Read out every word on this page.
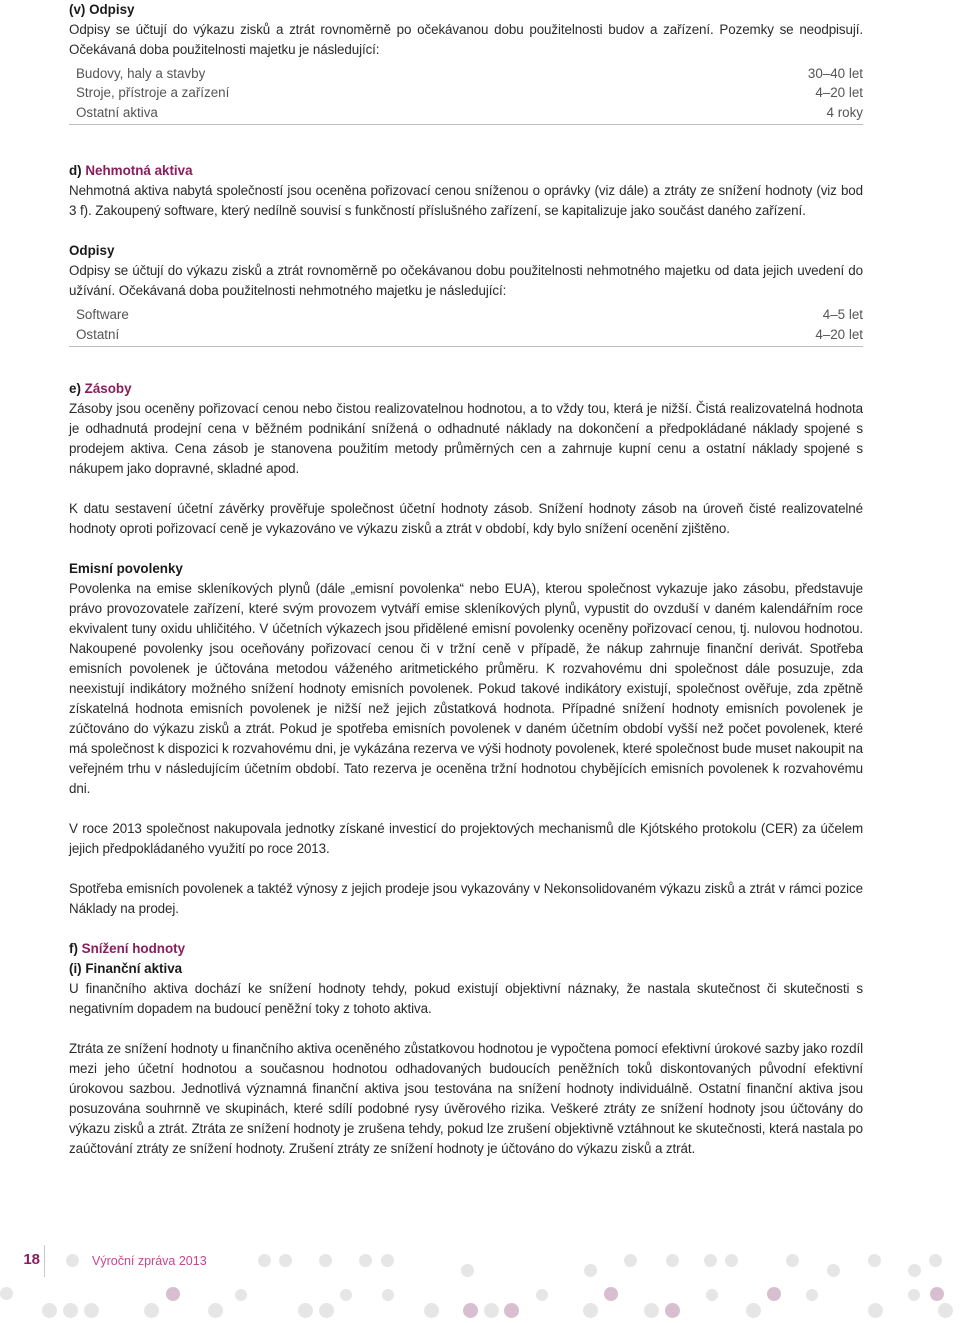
(v) Odpisy

Odpisy se účtují do výkazu zisků a ztrát rovnoměrně po očekávanou dobu použitelnosti budov a zařízení. Pozemky se neodpisují. Očekávaná doba použitelnosti majetku je následující:

Budovy, haly a stavby	30–40 let
Stroje, přístroje a zařízení	4–20 let
Ostatní aktiva	4 roky

d) Nehmotná aktiva

Nehmotná aktiva nabytá společností jsou oceněna pořizovací cenou sníženou o oprávky (viz dále) a ztráty ze snížení hodnoty (viz bod 3 f). Zakoupený software, který nedílně souvisí s funkčností příslušného zařízení, se kapitalizuje jako součást daného zařízení.

Odpisy

Odpisy se účtují do výkazu zisků a ztrát rovnoměrně po očekávanou dobu použitelnosti nehmotného majetku od data jejich uvedení do užívání. Očekávaná doba použitelnosti nehmotného majetku je následující:

Software	4–5 let
Ostatní	4–20 let

e) Zásoby

Zásoby jsou oceněny pořizovací cenou nebo čistou realizovatelnou hodnotou, a to vždy tou, která je nižší. Čistá realizovatelná hodnota je odhadnutá prodejní cena v běžném podnikání snížená o odhadnuté náklady na dokončení a předpokládané náklady spojené s prodejem aktiva. Cena zásob je stanovena použitím metody průměrných cen a zahrnuje kupní cenu a ostatní náklady spojené s nákupem jako dopravné, skladné apod.

K datu sestavení účetní závěrky prověřuje společnost účetní hodnoty zásob. Snížení hodnoty zásob na úroveň čisté realizovatelné hodnoty oproti pořizovací ceně je vykazováno ve výkazu zisků a ztrát v období, kdy bylo snížení ocenění zjištěno.

Emisní povolenky

Povolenka na emise skleníkových plynů (dále „emisní povolenka“ nebo EUA), kterou společnost vykazuje jako zásobu, představuje právo provozovatele zařízení, které svým provozem vytváří emise skleníkových plynů, vypustit do ovzduší v daném kalendářním roce ekvivalent tuny oxidu uhličitého. V účetních výkazech jsou přidělené emisní povolenky oceněny pořizovací cenou, tj. nulovou hodnotou. Nakoupené povolenky jsou oceňovány pořizovací cenou či v tržní ceně v případě, že nákup zahrnuje finanční derivát. Spotřeba emisních povolenek je účtována metodou váženého aritmetického průměru. K rozvahovému dni společnost dále posuzuje, zda neexistují indikátory možného snížení hodnoty emisních povolenek. Pokud takové indikátory existují, společnost ověřuje, zda zpětně získatelná hodnota emisních povolenek je nižší než jejich zůstatková hodnota. Případné snížení hodnoty emisních povolenek je zúčtováno do výkazu zisků a ztrát. Pokud je spotřeba emisních povolenek v daném účetním období vyšší než počet povolenek, které má společnost k dispozici k rozvahovému dni, je vykázána rezerva ve výši hodnoty povolenek, které společnost bude muset nakoupit na veřejném trhu v následujícím účetním období. Tato rezerva je oceněna tržní hodnotou chybějících emisních povolenek k rozvahovému dni.

V roce 2013 společnost nakupovala jednotky získané investicí do projektových mechanismů dle Kjótského protokolu (CER) za účelem jejich předpokládaného využití po roce 2013.

Spotřeba emisních povolenek a taktéž výnosy z jejich prodeje jsou vykazovány v Nekonsolidovaném výkazu zisků a ztrát v rámci pozice Náklady na prodej.

f) Snížení hodnoty

(i) Finanční aktiva

U finančního aktiva dochází ke snížení hodnoty tehdy, pokud existují objektivní náznaky, že nastala skutečnost či skutečnosti s negativním dopadem na budoucí peněžní toky z tohoto aktiva.

Ztráta ze snížení hodnoty u finančního aktiva oceněného zůstatkovou hodnotou je vypočtena pomocí efektivní úrokové sazby jako rozdíl mezi jeho účetní hodnotou a současnou hodnotou odhadovaných budoucích peněžních toků diskontovaných původní efektivní úrokovou sazbou. Jednotlivá významná finanční aktiva jsou testována na snížení hodnoty individuálně. Ostatní finanční aktiva jsou posuzována souhrnně ve skupinách, které sdílí podobné rysy úvěrového rizika. Veškeré ztráty ze snížení hodnoty jsou účtovány do výkazu zisků a ztrát. Ztráta ze snížení hodnoty je zrušena tehdy, pokud lze zrušení objektivně vztáhnout ke skutečnosti, která nastala po zaúčtování ztráty ze snížení hodnoty. Zrušení ztráty ze snížení hodnoty je účtováno do výkazu zisků a ztrát.

18	Výroční zpráva 2013
